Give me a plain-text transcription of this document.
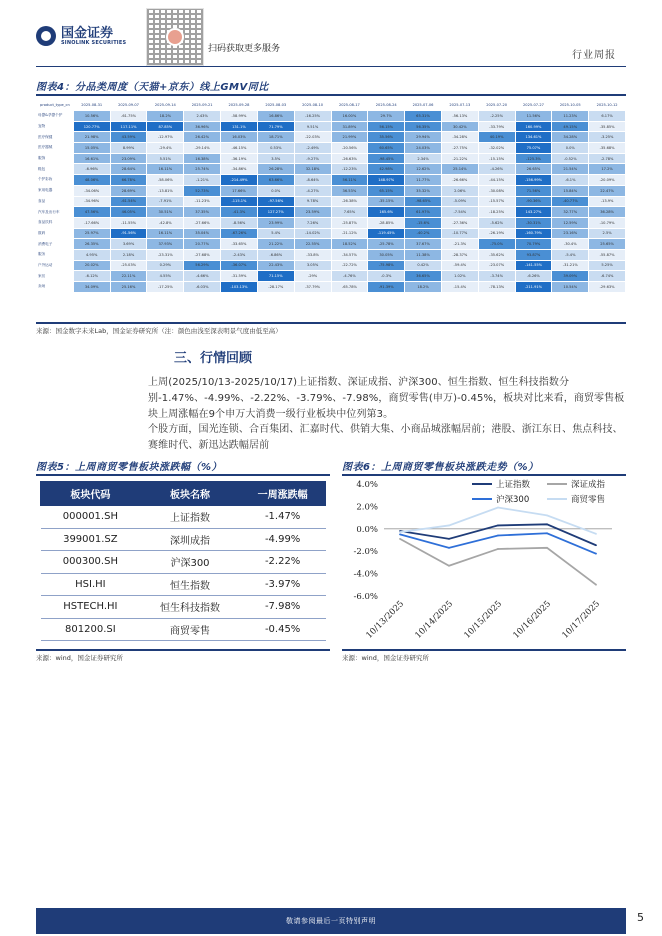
国金证券
SINOLINK SECURITIES
扫码获取更多服务
行业周报
图表4：分品类周度（天猫+京东）线上GMV同比
product_type_cn	2025-08-31	2025-09-07	2025-09-14	2025-09-21	2025-09-28	2025-08-03	2025-08-10	2025-08-17	2025-08-24	2025-07-06	2025-07-13	2025-07-20	2025-07-27	2025-10-05	2025-10-12
母婴&孕婴个护	10.56%	-61.75%	18.2%	2.43%	-58.99%	16.86%	-16.25%	16.00%	29.7%	65.31%	-56.13%	-2.25%	11.56%	11.23%	6.17%
宠物	120.77%	117.11%	87.85%	36.96%	131.1%	71.79%	9.51%	31.89%	56.15%	56.35%	30.42%	-33.79%	160.99%	49.15%	-35.85%
医疗保健	21.98%	43.59%	-12.97%	26.42%	16.03%	18.71%	-22.03%	21.99%	35.56%	29.94%	-34.28%	40.19%	134.61%	34.28%	-3.25%
医疗器械	15.05%	8.99%	-29.4%	-29.14%	-46.15%	0.53%	-2.49%	-20.56%	60.65%	24.03%	-27.75%	-32.02%	75.07%	0.0%	-35.68%
服饰	16.61%	23.09%	5.51%	16.38%	-36.19%	3.5%	-9.27%	-26.63%	-98.45%	2.34%	-21.22%	-15.15%	-125.3%	-0.52%	-2.78%
鞋包	-6.96%	28.64%	16.11%	25.74%	-34.86%	26.28%	32.18%	-12.23%	42.98%	12.62%	25.14%	-4.26%	26.65%	21.54%	17.2%
个护彩妆	48.06%	66.78%	-58.06%	-1.21%	-214.49%	63.66%	-8.64%	56.11%	148.97%	11.77%	-26.66%	-44.15%	-156.99%	-6.1%	-20.09%
家用电器	-34.06%	28.69%	-13.81%	52.73%	17.66%	0.0%	-4.27%	36.53%	65.15%	35.32%	2.06%	-30.08%	71.56%	15.84%	22.47%
食品	-34.96%	-61.54%	-7.91%	-11.23%	-115.1%	-97.56%	9.78%	-26.38%	-35.15%	-98.65%	-5.09%	-15.57%	-90.36%	-40.77%	-13.9%
汽车及出行车	47.56%	46.05%	30.51%	37.35%	-41.3%	127.27%	23.59%	7.65%	165.6%	61.97%	-7.54%	-18.25%	143.27%	32.77%	36.28%
食品饮料	-17.66%	-11.55%	-42.8%	-27.66%	-8.56%	23.99%	7.26%	-25.87%	-28.85%	-15.6%	-27.36%	-5.62%	-30.31%	12.59%	-10.79%
数码	25.97%	-91.56%	16.11%	35.04%	-67.26%	5.4%	-14.02%	-21.12%	-119.45%	-40.2%	-10.77%	-26.19%	-160.79%	23.16%	2.5%
消费电子	26.35%	3.69%	37.93%	20.77%	-33.65%	21.22%	22.55%	18.52%	-25.78%	37.67%	-21.3%	-75.0%	70.79%	-30.4%	25.65%
服务	4.95%	2.18%	-23.31%	-27.68%	-2.43%	-6.86%	-33.8%	-34.57%	30.05%	11.38%	-28.37%	-35.62%	93.87%	-5.4%	-55.87%
户外运动	20.02%	-25.03%	0.29%	56.29%	-36.07%	22.43%	3.05%	-22.72%	-75.98%	0.42%	-59.4%	-23.07%	-141.55%	-31.21%	5.25%
家纺	-6.12%	22.11%	4.55%	-4.66%	-31.59%	71.15%	-29%	-4.76%	-0.3%	36.65%	1.02%	-3.74%	-6.26%	39.09%	-6.74%
卖场	34.09%	25.16%	-17.25%	-6.03%	-103.13%	-28.17%	-37.79%	-65.78%	-91.39%	18.2%	-15.4%	-78.13%	-211.91%	10.54%	-29.63%
来源：国金数字未来Lab，国金证券研究所（注：颜色由浅至深表明景气度由低至高）
三、行情回顾
上周(2025/10/13-2025/10/17)上证指数、深证成指、沪深300、恒生指数、恒生科技指数分别-1.47%、-4.99%、-2.22%、-3.79%、-7.98%，商贸零售(申万)-0.45%，板块对比来看，商贸零售板块上周涨幅在9个申万大消费一级行业板块中位列第3。
个股方面，国光连锁、合百集团、汇嘉时代、供销大集、小商品城涨幅居前；港股、浙江东日、焦点科技、赛维时代、新迅达跌幅居前
图表5：上周商贸零售板块涨跌幅（%）
板块代码	板块名称	一周涨跌幅
000001.SH	上证指数	-1.47%
399001.SZ	深圳成指	-4.99%
000300.SH	沪深300	-2.22%
HSI.HI	恒生指数	-3.97%
HSTECH.HI	恒生科技指数	-7.98%
801200.SI	商贸零售	-0.45%
来源：wind，国金证券研究所
图表6：上周商贸零售板块涨跌走势（%）
4.0%
2.0%
0.0%
-2.0%
-4.0%
-6.0%
10/13/2025 10/14/2025 10/15/2025 10/16/2025 10/17/2025
上证指数	深证成指
沪深300	商贸零售
来源：wind，国金证券研究所
敬请参阅最后一页特别声明	5
